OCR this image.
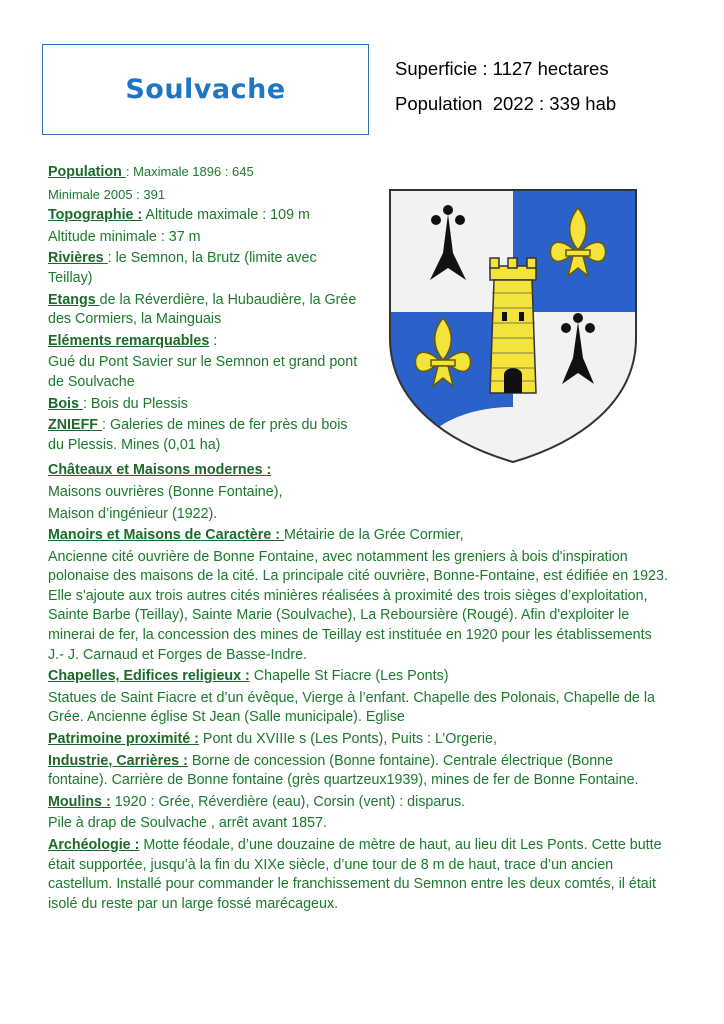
Soulvache
Superficie : 1127 hectares
Population  2022 : 339 hab

Population : Maximale 1896 : 645

Minimale 2005 : 391

Topographie : Altitude maximale : 109 m

Altitude minimale : 37 m

Rivières : le Semnon, la Brutz (limite avec Teillay)

Etangs de la Réverdière, la Hubaudière, la Grée des Cormiers, la Mainguais

Eléments remarquables :

Gué du Pont Savier sur le Semnon et grand pont de Soulvache

Bois : Bois du Plessis

ZNIEFF : Galeries de mines de fer près du bois du Plessis. Mines (0,01 ha)

Châteaux et Maisons modernes :

Maisons ouvrières (Bonne Fontaine),

Maison d’ingénieur (1922).

Manoirs et Maisons de Caractère : Métairie de la Grée Cormier,

Ancienne cité ouvrière de Bonne Fontaine, avec notamment les greniers à bois d'inspiration polonaise des maisons de la cité. La principale cité ouvrière, Bonne-Fontaine, est édifiée en 1923. Elle s'ajoute aux trois autres cités minières réalisées à proximité des trois sièges d’exploitation, Sainte Barbe (Teillay), Sainte Marie (Soulvache), La Reboursière (Rougé). Afin d'exploiter le minerai de fer, la concession des mines de Teillay est instituée en 1920 pour les établissements J.- J. Carnaud et Forges de Basse-Indre.

Chapelles, Edifices religieux : Chapelle St Fiacre (Les Ponts)

Statues de Saint Fiacre et d’un évêque, Vierge à l’enfant. Chapelle des Polonais, Chapelle de la Grée. Ancienne église St Jean (Salle municipale). Eglise

Patrimoine proximité : Pont du XVIIIe s (Les Ponts), Puits : L’Orgerie,

Industrie, Carrières : Borne de concession (Bonne fontaine). Centrale électrique (Bonne fontaine). Carrière de Bonne fontaine (grès quartzeux1939), mines de fer de Bonne Fontaine.

Moulins : 1920 : Grée, Réverdière (eau), Corsin (vent) : disparus.

Pile à drap de Soulvache , arrêt avant 1857.

Archéologie : Motte féodale, d’une douzaine de mètre de haut, au lieu dit Les Ponts. Cette butte était supportée, jusqu’à la fin du XIXe siècle, d’une tour de 8 m de haut, trace d’un ancien castellum. Installé pour commander le franchissement du Semnon entre les deux comtés, il était isolé du reste par un large fossé marécageux.
